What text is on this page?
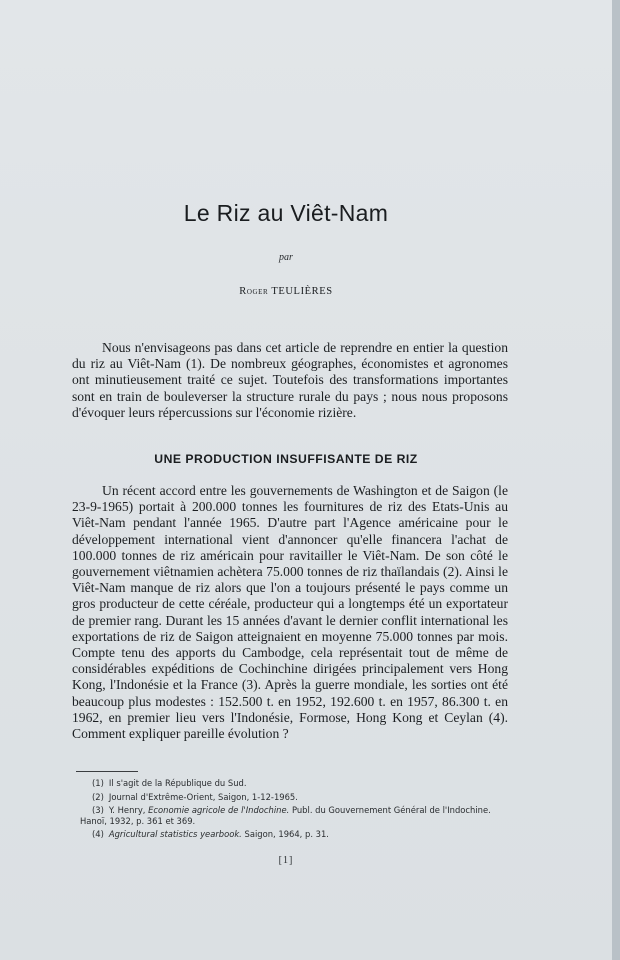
Le Riz au Viêt-Nam
par
Roger TEULIÈRES
Nous n'envisageons pas dans cet article de reprendre en entier la question du riz au Viêt-Nam (1). De nombreux géographes, économistes et agronomes ont minutieusement traité ce sujet. Toutefois des transformations importantes sont en train de bouleverser la structure rurale du pays ; nous nous proposons d'évoquer leurs répercussions sur l'économie rizière.
UNE PRODUCTION INSUFFISANTE DE RIZ
Un récent accord entre les gouvernements de Washington et de Saigon (le 23-9-1965) portait à 200.000 tonnes les fournitures de riz des Etats-Unis au Viêt-Nam pendant l'année 1965. D'autre part l'Agence américaine pour le développement international vient d'annoncer qu'elle financera l'achat de 100.000 tonnes de riz américain pour ravitailler le Viêt-Nam. De son côté le gouvernement viêtnamien achètera 75.000 tonnes de riz thaïlandais (2). Ainsi le Viêt-Nam manque de riz alors que l'on a toujours présenté le pays comme un gros producteur de cette céréale, producteur qui a longtemps été un exportateur de premier rang. Durant les 15 années d'avant le dernier conflit international les exportations de riz de Saigon atteignaient en moyenne 75.000 tonnes par mois. Compte tenu des apports du Cambodge, cela représentait tout de même de considérables expéditions de Cochinchine dirigées principalement vers Hong Kong, l'Indonésie et la France (3). Après la guerre mondiale, les sorties ont été beaucoup plus modestes : 152.500 t. en 1952, 192.600 t. en 1957, 86.300 t. en 1962, en premier lieu vers l'Indonésie, Formose, Hong Kong et Ceylan (4). Comment expliquer pareille évolution ?
(1) Il s'agit de la République du Sud.
(2) Journal d'Extrême-Orient, Saigon, 1-12-1965.
(3) Y. Henry, Economie agricole de l'Indochine. Publ. du Gouvernement Général de l'Indochine. Hanoï, 1932, p. 361 et 369.
(4) Agricultural statistics yearbook. Saigon, 1964, p. 31.
[1]
